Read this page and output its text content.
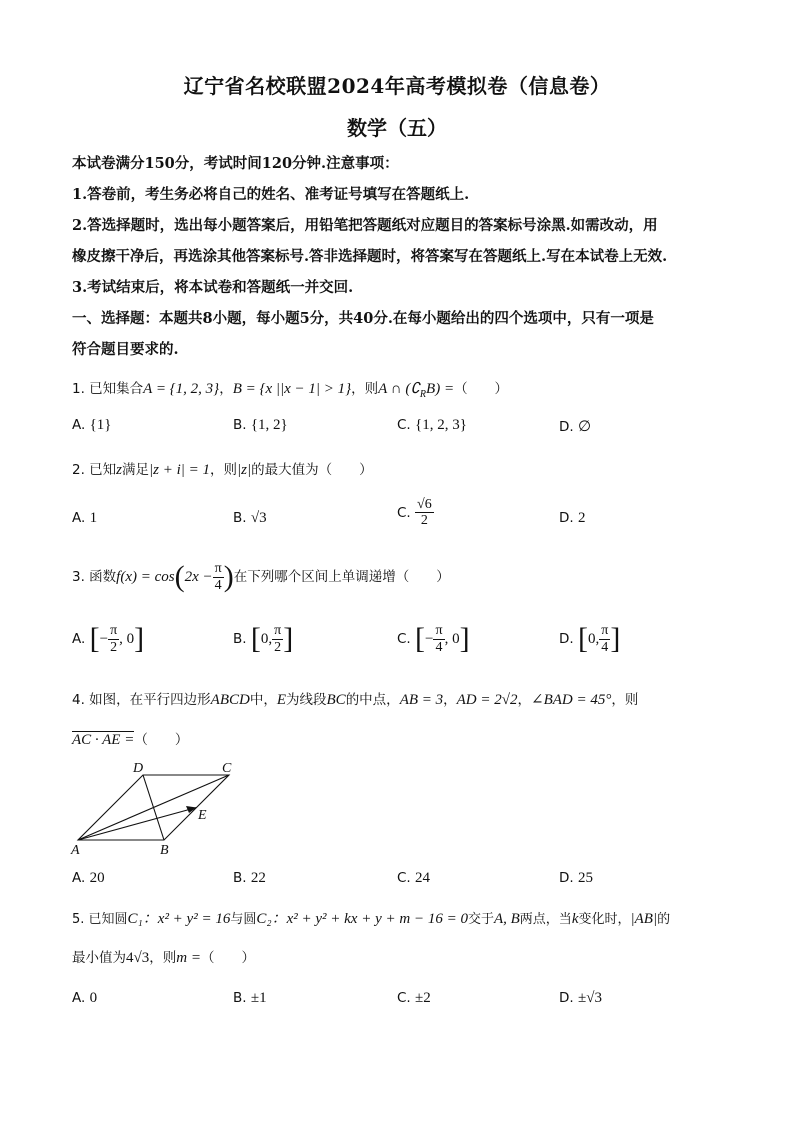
辽宁省名校联盟2024年高考模拟卷（信息卷）
数学（五）
本试卷满分150分，考试时间120分钟.注意事项：
1.答卷前，考生务必将自己的姓名、准考证号填写在答题纸上.
2.答选择题时，选出每小题答案后，用铅笔把答题纸对应题目的答案标号涂黑.如需改动，用
橡皮擦干净后，再选涂其他答案标号.答非选择题时，将答案写在答题纸上.写在本试卷上无效.
3.考试结束后，将本试卷和答题纸一并交回.
一、选择题：本题共8小题，每小题5分，共40分.在每小题给出的四个选项中，只有一项是
符合题目要求的.
1. 已知集合A = {1, 2, 3}，B = {x ||x − 1| > 1}，则A ∩ $(∁_RB)$ =（　　）
A. {1}	B. {1, 2}	C. {1, 2, 3}	D. ∅
2. 已知z满足|z + i| = 1，则|z|的最大值为（　　）
A. 1	B. √3	C. $\frac{√6}{2}$	D. 2
3. 函数$f(x) = \cos(2x - \frac{\pi}{4}$ )在下列哪个区间上单调递增（　　）
A. [− $\frac{\pi}{2}$ , 0]	B. [0, $\frac{\pi}{2}$ ]	C. [− $\frac{\pi}{4}$ , 0]	D. [0, $\frac{\pi}{4}$ ]
4. 如图，在平行四边形ABCD中，E为线段BC的中点，AB = 3，AD = 2√2，∠BAD = 45°，则
AC · AE =（　　）
A	B
C
D
E
A. 20	B. 22	C. 24	D. 25
5. 已知圆C₁：x² + y² = 16与圆C₂：x² + y² + kx + y + m − 16 = 0交于A, B两点，当k变化时，|AB|的
最小值为4√3，则m =（　　）
A. 0	B. ±1	C. ±2	D. ±√3
